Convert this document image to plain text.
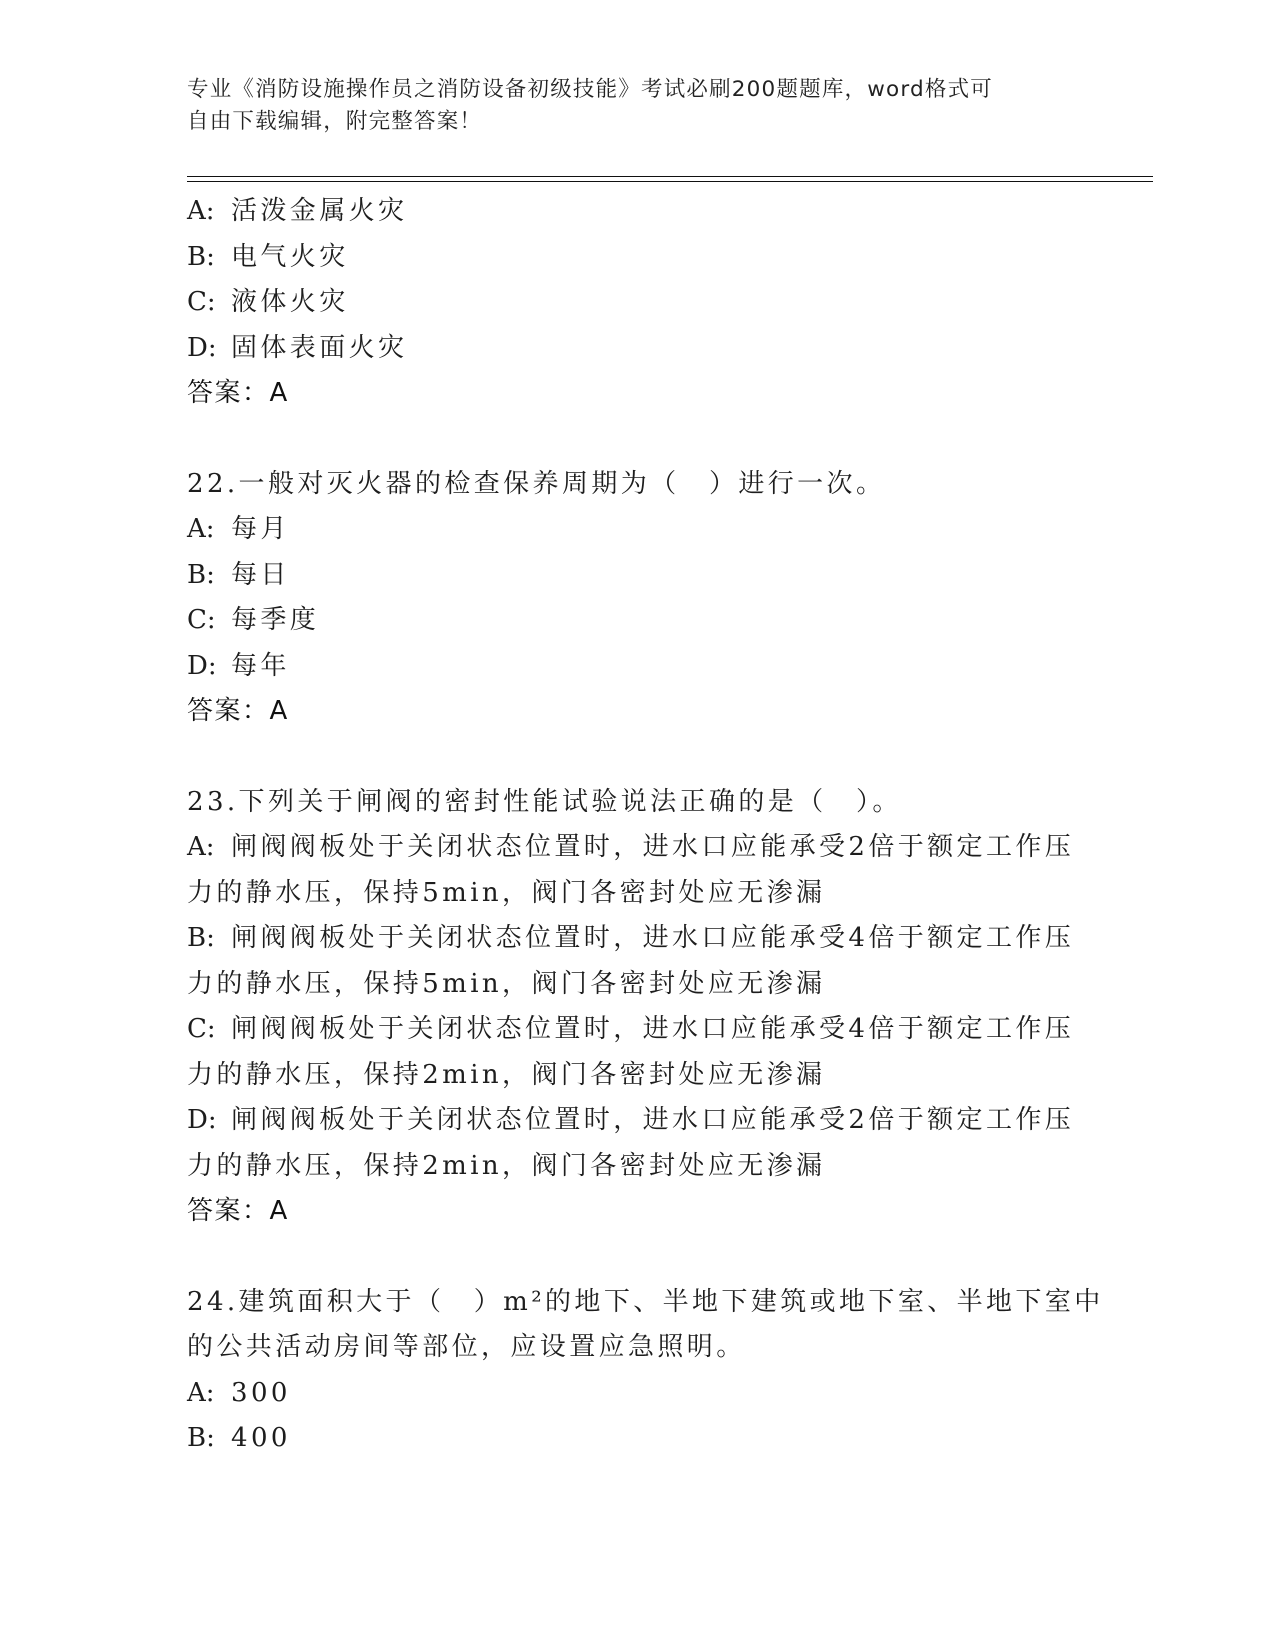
专业《消防设施操作员之消防设备初级技能》考试必刷200题题库，word格式可
自由下载编辑，附完整答案！
A: 活泼金属火灾
B: 电气火灾
C: 液体火灾
D: 固体表面火灾
答案：A
22.一般对灭火器的检查保养周期为（　）进行一次。
A: 每月
B: 每日
C: 每季度
D: 每年
答案：A
23.下列关于闸阀的密封性能试验说法正确的是（　）。
A: 闸阀阀板处于关闭状态位置时，进水口应能承受2倍于额定工作压
力的静水压，保持5min，阀门各密封处应无渗漏
B: 闸阀阀板处于关闭状态位置时，进水口应能承受4倍于额定工作压
力的静水压，保持5min，阀门各密封处应无渗漏
C: 闸阀阀板处于关闭状态位置时，进水口应能承受4倍于额定工作压
力的静水压，保持2min，阀门各密封处应无渗漏
D: 闸阀阀板处于关闭状态位置时，进水口应能承受2倍于额定工作压
力的静水压，保持2min，阀门各密封处应无渗漏
答案：A
24.建筑面积大于（　）m²的地下、半地下建筑或地下室、半地下室中
的公共活动房间等部位，应设置应急照明。
A: 300
B: 400
